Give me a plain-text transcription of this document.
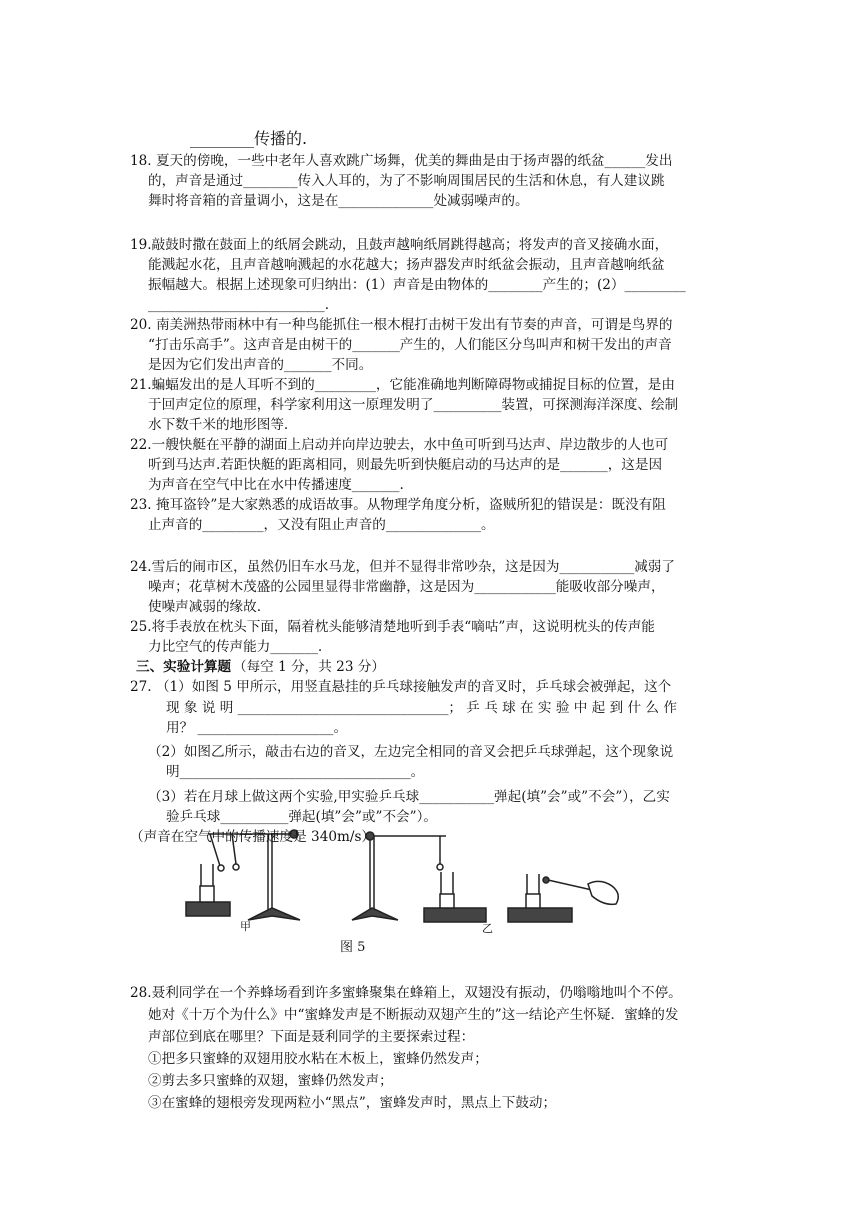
三、实验计算题
甲	乙
图 5
________传播的.
18. 夏天的傍晚，一些中老年人喜欢跳广场舞，优美的舞曲是由于扬声器的纸盆______发出
的，声音是通过________传入人耳的，为了不影响周围居民的生活和休息，有人建议跳
舞时将音箱的音量调小，这是在______________处减弱噪声的。
19.敲鼓时撒在鼓面上的纸屑会跳动，且鼓声越响纸屑跳得越高；将发声的音叉接确水面，
能溅起水花，且声音越响溅起的水花越大；扬声器发声时纸盆会振动，且声音越响纸盆
振幅越大。根据上述现象可归纳出：(1）声音是由物体的________产生的；(2）_________
__________________________.
20. 南美洲热带雨林中有一种鸟能抓住一根木棍打击树干发出有节奏的声音，可谓是鸟界的
“打击乐高手”。这声音是由树干的_______产生的，人们能区分鸟叫声和树干发出的声音
是因为它们发出声音的_______不同。
21.蝙蝠发出的是人耳听不到的_________，它能准确地判断障碍物或捕捉目标的位置，是由
于回声定位的原理，科学家利用这一原理发明了__________装置，可探测海洋深度、绘制
水下数千米的地形图等.
22.一艘快艇在平静的湖面上启动并向岸边驶去，水中鱼可听到马达声、岸边散步的人也可
听到马达声.若距快艇的距离相同，则最先听到快艇启动的马达声的是_______，这是因
为声音在空气中比在水中传播速度_______.
23. 掩耳盗铃”是大家熟悉的成语故事。从物理学角度分析，盗贼所犯的错误是：既没有阻
止声音的_________，又没有阻止声音的______________。
24.雪后的闹市区，虽然仍旧车水马龙，但并不显得非常吵杂，这是因为___________减弱了
噪声；花草树木茂盛的公园里显得非常幽静，这是因为____________能吸收部分噪声，
使噪声减弱的缘故.
25.将手表放在枕头下面，隔着枕头能够清楚地听到手表“嘀咕”声，这说明枕头的传声能
力比空气的传声能力_______.
（每空 1 分，共 23 分）
27. （1）如图 5 甲所示，用竖直悬挂的乒乓球接触发声的音叉时，乒乓球会被弹起，这个
现 象 说 明 _______________________________； 乒 乓 球 在 实 验 中 起 到 什 么 作
用？ ____________________。
（2）如图乙所示，敲击右边的音叉，左边完全相同的音叉会把乒乓球弹起，这个现象说
明__________________________________。
（3）若在月球上做这两个实验,甲实验乒乓球___________弹起(填”会”或”不会”），乙实
验乒乓球__________弹起(填”会”或”不会”）。
（声音在空气中的传播速度是 340m/s）
28.聂利同学在一个养蜂场看到许多蜜蜂聚集在蜂箱上，双翅没有振动，仍嗡嗡地叫个不停。
她对《十万个为什么》中“蜜蜂发声是不断振动双翅产生的”这一结论产生怀疑．蜜蜂的发
声部位到底在哪里？下面是聂利同学的主要探索过程：
①把多只蜜蜂的双翅用胶水粘在木板上，蜜蜂仍然发声；
②剪去多只蜜蜂的双翅，蜜蜂仍然发声；
③在蜜蜂的翅根旁发现两粒小“黑点”，蜜蜂发声时，黑点上下鼓动；
